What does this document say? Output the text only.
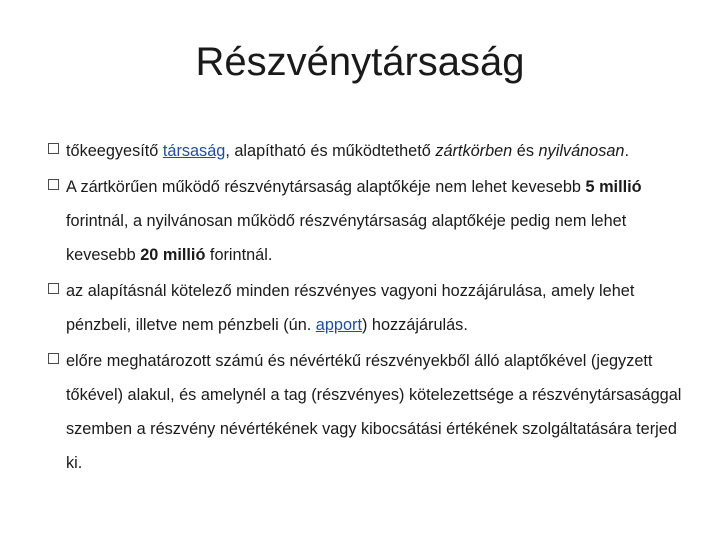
Részvénytársaság
tőkeegyesítő társaság, alapítható és működtethető zártkörben és nyilvánosan.
A zártkörűen működő részvénytársaság alaptőkéje nem lehet kevesebb 5 millió forintnál, a nyilvánosan működő részvénytársaság alaptőkéje pedig nem lehet kevesebb 20 millió forintnál.
az alapításnál kötelező minden részvényes vagyoni hozzájárulása, amely lehet pénzbeli, illetve nem pénzbeli (ún. apport) hozzájárulás.
előre meghatározott számú és névértékű részvényekből álló alaptőkével (jegyzett tőkével) alakul, és amelynél a tag (részvényes) kötelezettsége a részvénytársasággal szemben a részvény névértékének vagy kibocsátási értékének szolgáltatására terjed ki.
